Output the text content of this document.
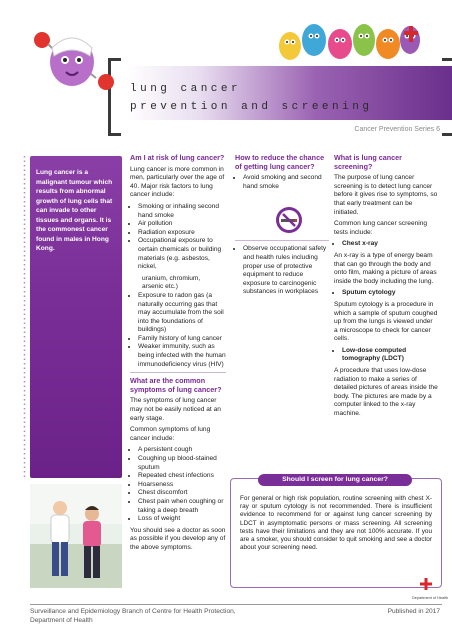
lung cancer
prevention and screening
Cancer Prevention Series 6
Lung cancer is a malignant tumour which results from abnormal growth of lung cells that can invade to other tissues and organs. It is the commonest cancer found in males in Hong Kong.
Am I at risk of lung cancer?

Lung cancer is more common in men, particularly over the age of 40. Major risk factors to lung cancer include:

• Smoking or inhaling second hand smoke
• Air pollution
• Radiation exposure
• Occupational exposure to certain chemicals or building materials (e.g. asbestos, nickel,
uranium, chromium,
arsenic etc.)
• Exposure to radon gas (a naturally occurring gas that may accumulate from the soil into the foundations of buildings)
• Family history of lung cancer
• Weaker immunity, such as being infected with the human immunodeficiency virus (HIV)
What are the common symptoms of lung cancer?

The symptoms of lung cancer may not be easily noticed at an early stage.

Common symptoms of lung cancer include:

• A persistent cough
• Coughing up blood-stained sputum
• Repeated chest infections
• Hoarseness
• Chest discomfort
• Chest pain when coughing or taking a deep breath
• Loss of weight

You should see a doctor as soon as possible if you develop any of the above symptoms.

How to reduce the chance of getting lung cancer?
• Avoid smoking and second hand smoke
• Observe occupational safety and health rules including proper use of protective equipment to reduce exposure to carcinogenic substances in workplaces
What is lung cancer screening?

The purpose of lung cancer screening is to detect lung cancer before it gives rise to symptoms, so that early treatment can be initiated.

Common lung cancer screening tests include:

• Chest x-ray

An x-ray is a type of energy beam that can go through the body and onto film, making a picture of areas inside the body including the lung.

• Sputum cytology

Sputum cytology is a procedure in which a sample of sputum coughed up from the lungs is viewed under a microscope to check for cancer cells.

• Low-dose computed tomography (LDCT)

A procedure that uses low-dose radiation to make a series of detailed pictures of areas inside the body. The pictures are made by a computer linked to the x-ray machine.

Should I screen for lung cancer?
For general or high risk population, routine screening with chest X-ray or sputum cytology is not recommended. There is insufficient evidence to recommend for or against lung cancer screening by LDCT in asymptomatic persons or mass screening. All screening tests have their limitations and they are not 100% accurate. If you are a smoker, you should consider to quit smoking and see a doctor about your screening need.
Department of Health
Surveillance and Epidemiology Branch of Centre for Health Protection,
Department of Health
Published in 2017
